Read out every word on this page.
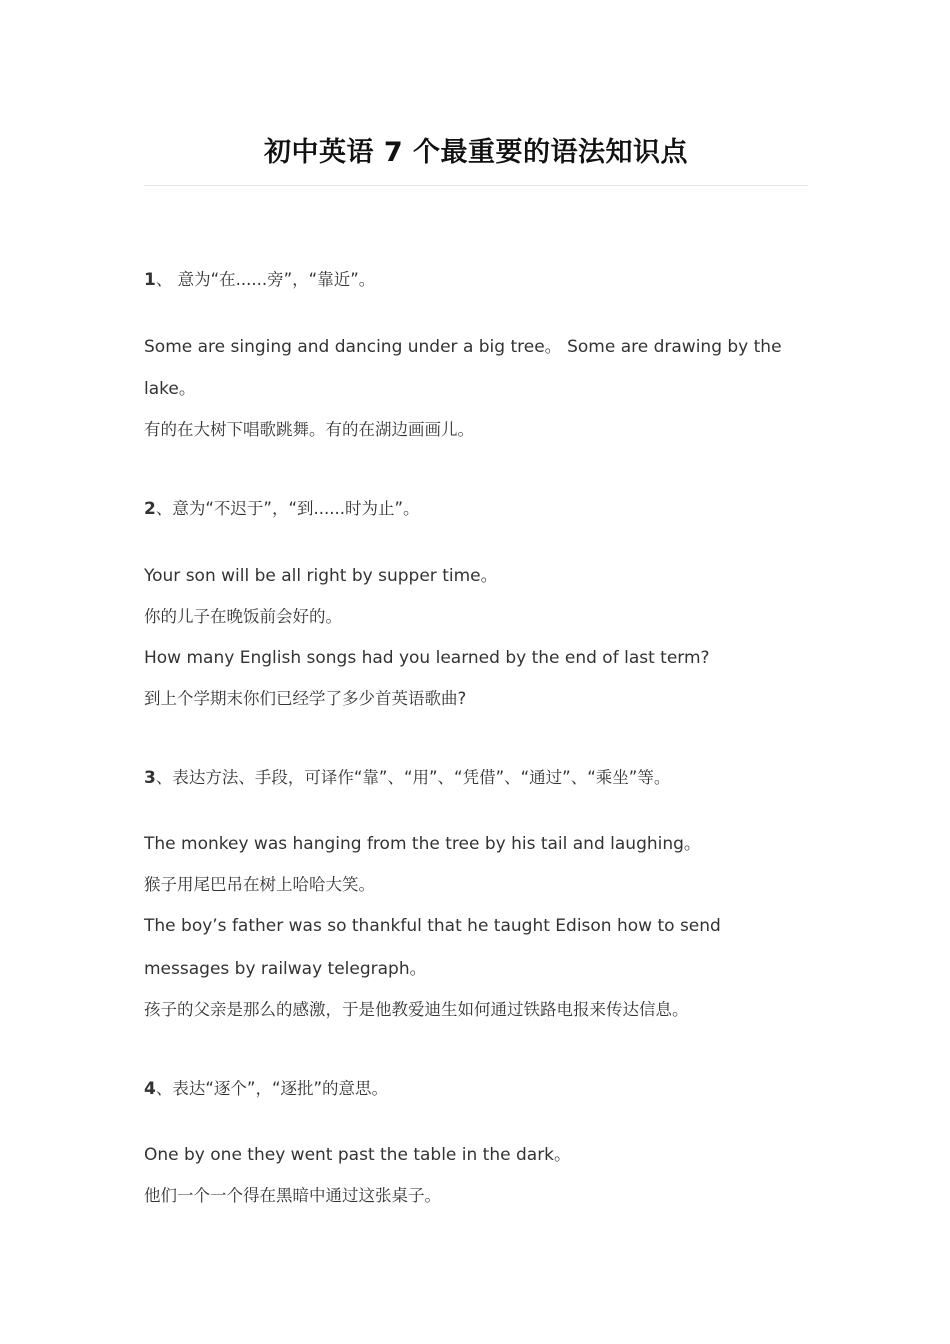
初中英语 7 个最重要的语法知识点
1、 意为“在......旁”，“靠近”。
Some are singing and dancing under a big tree。 Some are drawing by the
lake。
有的在大树下唱歌跳舞。有的在湖边画画儿。
2、意为“不迟于”，“到......时为止”。
Your son will be all right by supper time。
你的儿子在晚饭前会好的。
How many English songs had you learned by the end of last term?
到上个学期末你们已经学了多少首英语歌曲?
3、表达方法、手段，可译作“靠”、“用”、“凭借”、“通过”、“乘坐”等。
The monkey was hanging from the tree by his tail and laughing。
猴子用尾巴吊在树上哈哈大笑。
The boy’s father was so thankful that he taught Edison how to send
messages by railway telegraph。
孩子的父亲是那么的感激，于是他教爱迪生如何通过铁路电报来传达信息。
4、表达“逐个”，“逐批”的意思。
One by one they went past the table in the dark。
他们一个一个得在黑暗中通过这张桌子。
